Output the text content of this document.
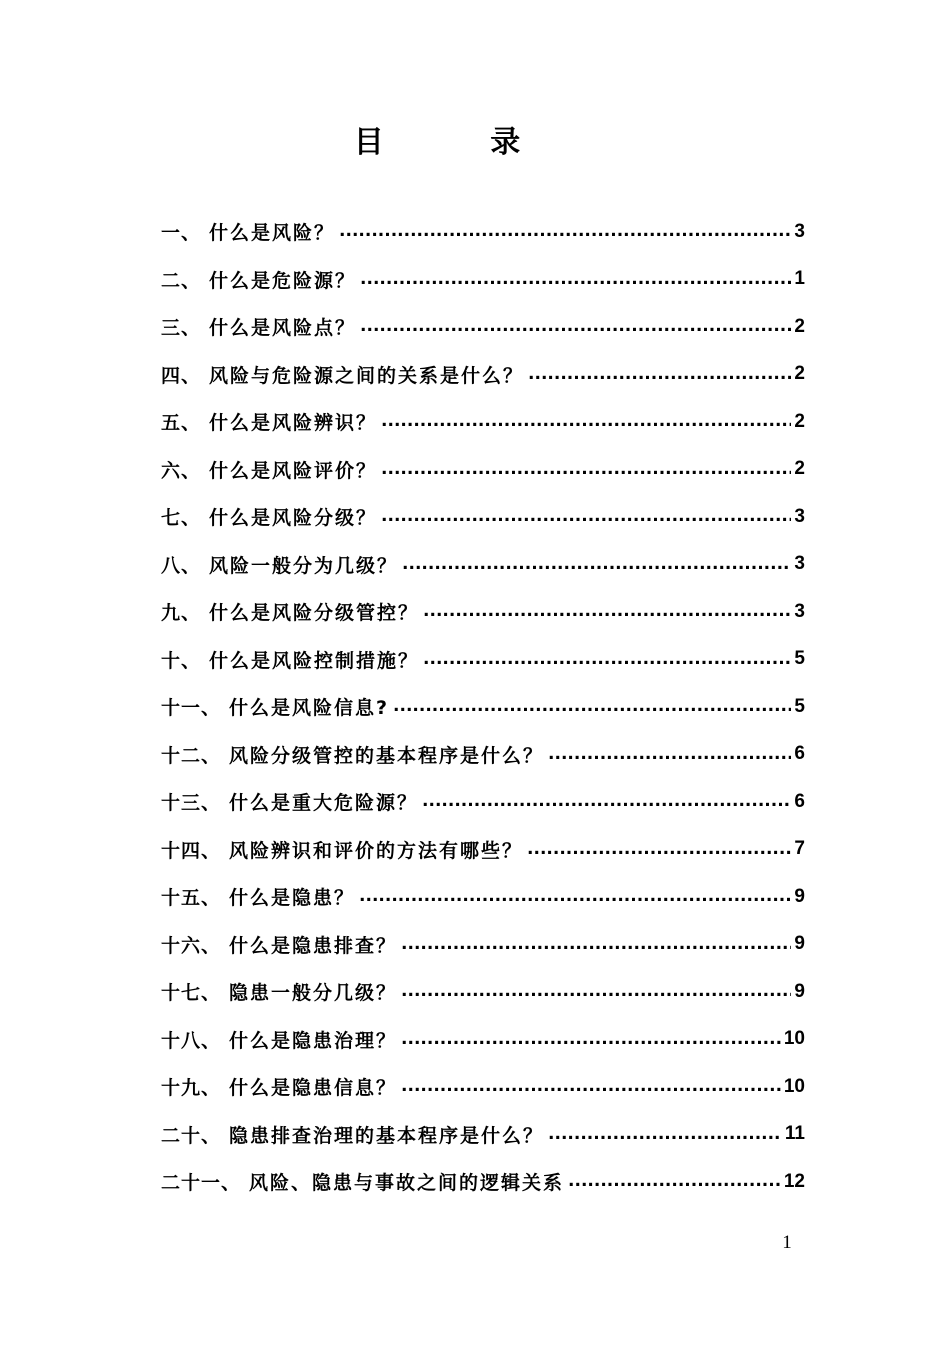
目 录
一、 什么是风险？ .....	3
二、 什么是危险源？ .....	1
三、 什么是风险点？ .....	2
四、 风险与危险源之间的关系是什么？ .....	2
五、 什么是风险辨识？ .....	2
六、 什么是风险评价？ .....	2
七、 什么是风险分级？ .....	3
八、 风险一般分为几级？ .....	3
九、 什么是风险分级管控？ .....	3
十、 什么是风险控制措施？ .....	5
十一、 什么是风险信息? .....	5
十二、 风险分级管控的基本程序是什么？ .....	6
十三、 什么是重大危险源？ .....	6
十四、 风险辨识和评价的方法有哪些？ .....	7
十五、 什么是隐患？ .....	9
十六、 什么是隐患排查？ .....	9
十七、 隐患一般分几级？ .....	9
十八、 什么是隐患治理？ .....	10
十九、 什么是隐患信息？ .....	10
二十、 隐患排查治理的基本程序是什么？ .....	11
二十一、 风险、隐患与事故之间的逻辑关系 .....	12
1
